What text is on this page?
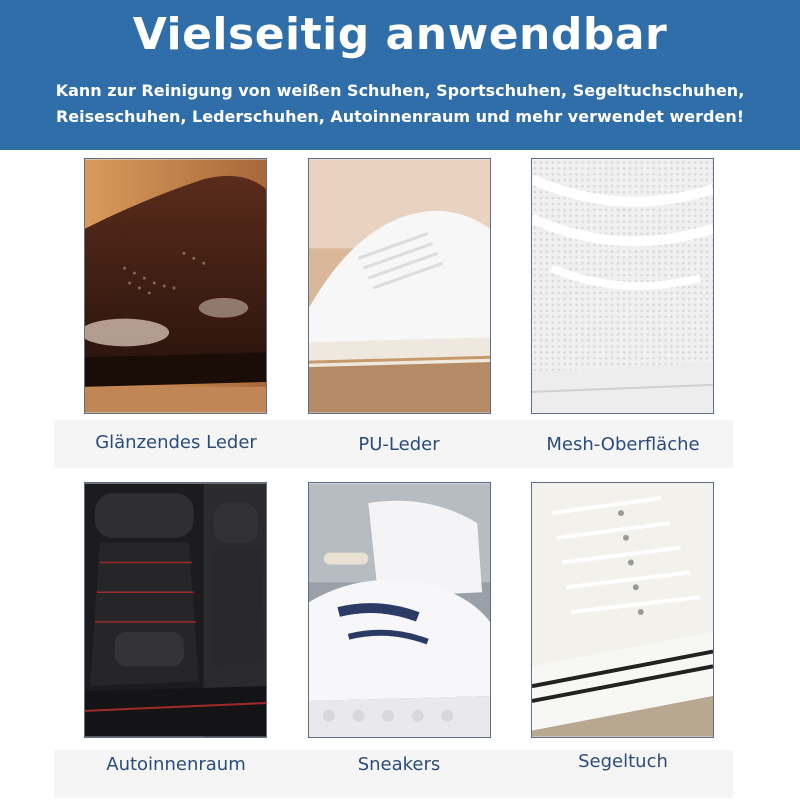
Vielseitig anwendbar

Kann zur Reinigung von weißen Schuhen, Sportschuhen, Segeltuchschuhen, Reiseschuhen, Lederschuhen, Autoinnenraum und mehr verwendet werden!

Glänzendes Leder	PU-Leder	Mesh-Oberfläche
Autoinnenraum	Sneakers	Segeltuch
